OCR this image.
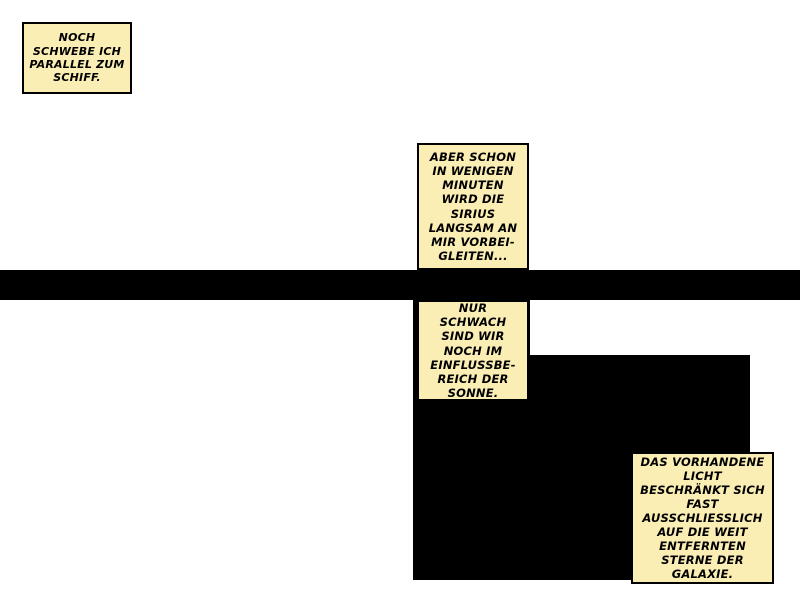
NOCH SCHWEBE ICH PARALLEL ZUM SCHIFF.
ABER SCHON IN WENIGEN MINUTEN WIRD DIE SIRIUS LANGSAM AN MIR VORBEI- GLEITEN...
NUR SCHWACH SIND WIR NOCH IM EINFLUSSBE- REICH DER SONNE.
DAS VORHANDENE LICHT BESCHRÄNKT SICH FAST AUSSCHLIESSLICH AUF DIE WEIT ENTFERNTEN STERNE DER GALAXIE.
